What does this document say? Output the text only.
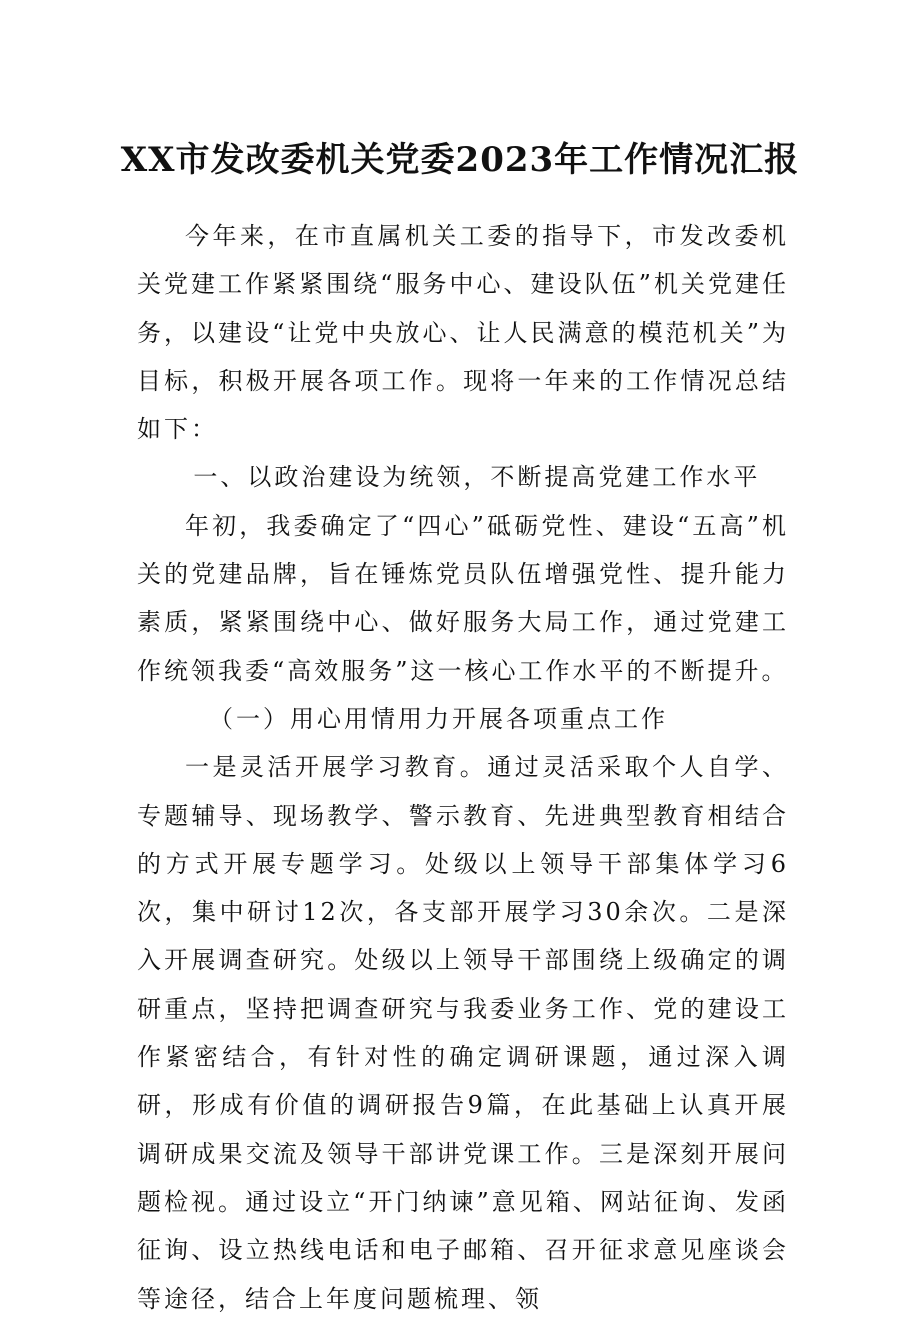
XX市发改委机关党委2023年工作情况汇报

今年来，在市直属机关工委的指导下，市发改委机关党建工作紧紧围绕“服务中心、建设队伍”机关党建任务，以建设“让党中央放心、让人民满意的模范机关”为目标，积极开展各项工作。现将一年来的工作情况总结如下：

一、以政治建设为统领，不断提高党建工作水平

年初，我委确定了“四心”砥砺党性、建设“五高”机关的党建品牌，旨在锤炼党员队伍增强党性、提升能力素质，紧紧围绕中心、做好服务大局工作，通过党建工作统领我委“高效服务”这一核心工作水平的不断提升。

（一）用心用情用力开展各项重点工作

一是灵活开展学习教育。通过灵活采取个人自学、专题辅导、现场教学、警示教育、先进典型教育相结合的方式开展专题学习。处级以上领导干部集体学习6次，集中研讨12次，各支部开展学习30余次。二是深入开展调查研究。处级以上领导干部围绕上级确定的调研重点，坚持把调查研究与我委业务工作、党的建设工作紧密结合，有针对性的确定调研课题，通过深入调研，形成有价值的调研报告9篇，在此基础上认真开展调研成果交流及领导干部讲党课工作。三是深刻开展问题检视。通过设立“开门纳谏”意见箱、网站征询、发函征询、设立热线电话和电子邮箱、召开征求意见座谈会等途径，结合上年度问题梳理、领
